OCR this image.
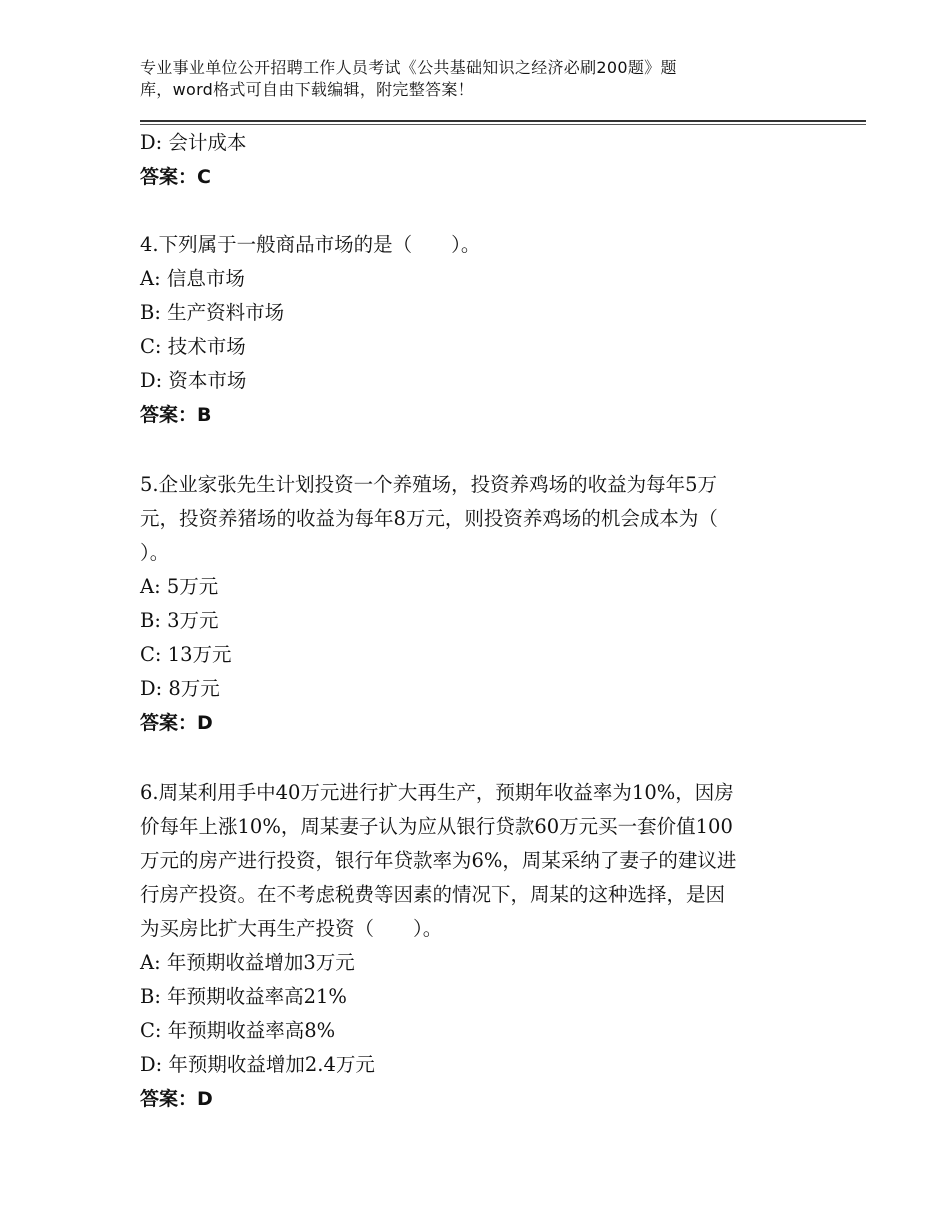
专业事业单位公开招聘工作人员考试《公共基础知识之经济必刷200题》题
库，word格式可自由下载编辑，附完整答案！
D: 会计成本
答案：C
4.下列属于一般商品市场的是（　　）。
A: 信息市场
B: 生产资料市场
C: 技术市场
D: 资本市场
答案：B
5.企业家张先生计划投资一个养殖场，投资养鸡场的收益为每年5万
元，投资养猪场的收益为每年8万元，则投资养鸡场的机会成本为（
）。
A: 5万元
B: 3万元
C: 13万元
D: 8万元
答案：D
6.周某利用手中40万元进行扩大再生产，预期年收益率为10%，因房
价每年上涨10%，周某妻子认为应从银行贷款60万元买一套价值100
万元的房产进行投资，银行年贷款率为6%，周某采纳了妻子的建议进
行房产投资。在不考虑税费等因素的情况下，周某的这种选择，是因
为买房比扩大再生产投资（　　）。
A: 年预期收益增加3万元
B: 年预期收益率高21%
C: 年预期收益率高8%
D: 年预期收益增加2.4万元
答案：D
